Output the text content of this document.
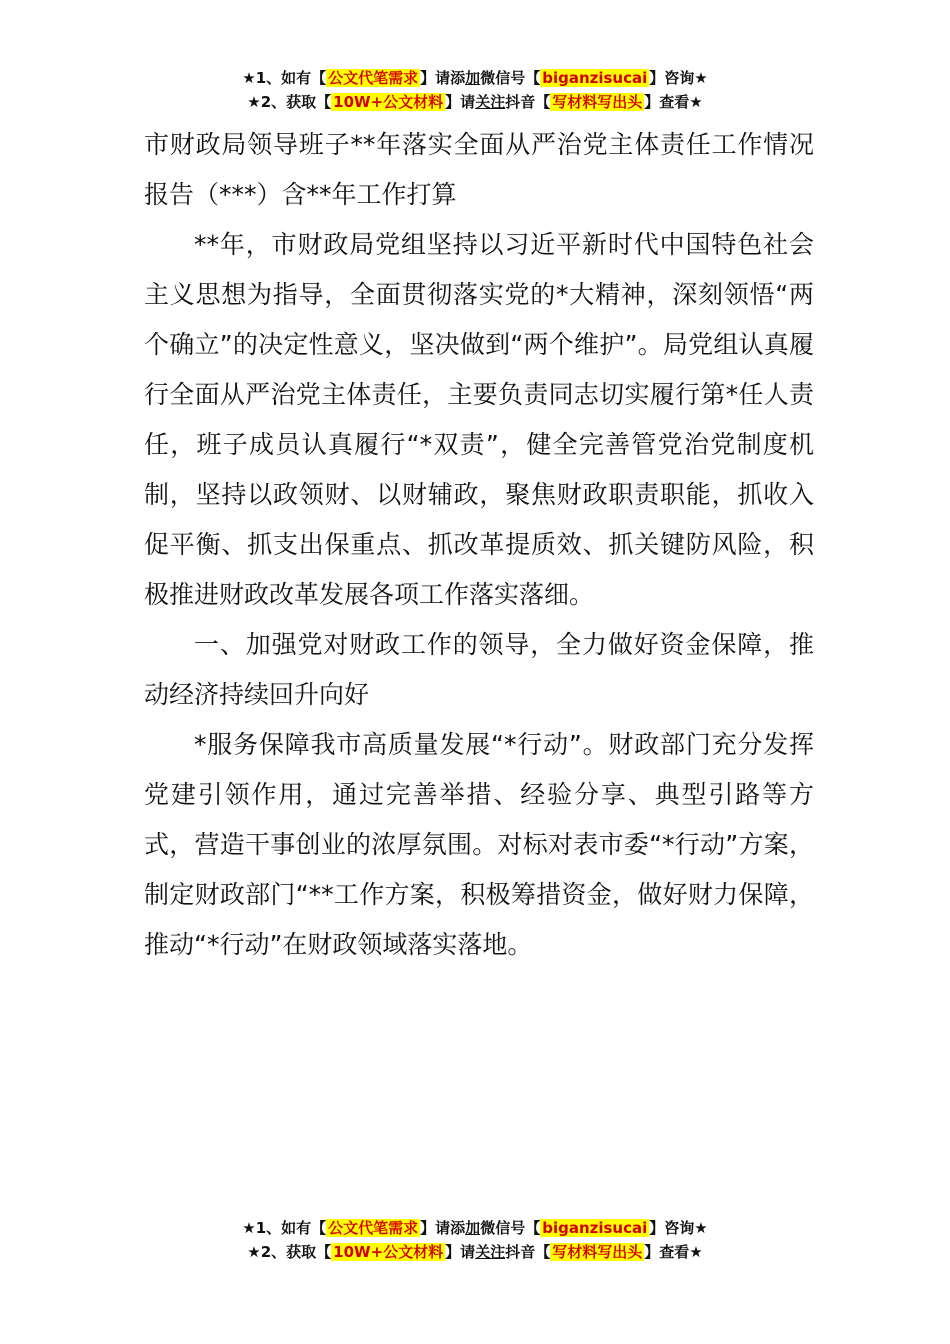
★1、如有【 公文代笔需求 】请添加微信号【 biganzisucai 】咨询★
★2、获取【 10W+公文材料 】请关注抖音【 写材料写出头 】查看★

市财政局领导班子**年落实全面从严治党主体责任工作情况报告（***）含**年工作打算

**年，市财政局党组坚持以习近平新时代中国特色社会主义思想为指导，全面贯彻落实党的*大精神，深刻领悟“两个确立”的决定性意义，坚决做到“两个维护”。局党组认真履行全面从严治党主体责任，主要负责同志切实履行第*任人责任，班子成员认真履行“*双责”，健全完善管党治党制度机制，坚持以政领财、以财辅政，聚焦财政职责职能，抓收入促平衡、抓支出保重点、抓改革提质效、抓关键防风险，积极推进财政改革发展各项工作落实落细。

一、加强党对财政工作的领导，全力做好资金保障，推动经济持续回升向好

*服务保障我市高质量发展“*行动”。财政部门充分发挥党建引领作用，通过完善举措、经验分享、典型引路等方式，营造干事创业的浓厚氛围。对标对表市委“*行动”方案，制定财政部门“**工作方案，积极筹措资金，做好财力保障，推动“*行动”在财政领域落实落地。

★1、如有【 公文代笔需求 】请添加微信号【 biganzisucai 】咨询★
★2、获取【 10W+公文材料 】请关注抖音【 写材料写出头 】查看★
